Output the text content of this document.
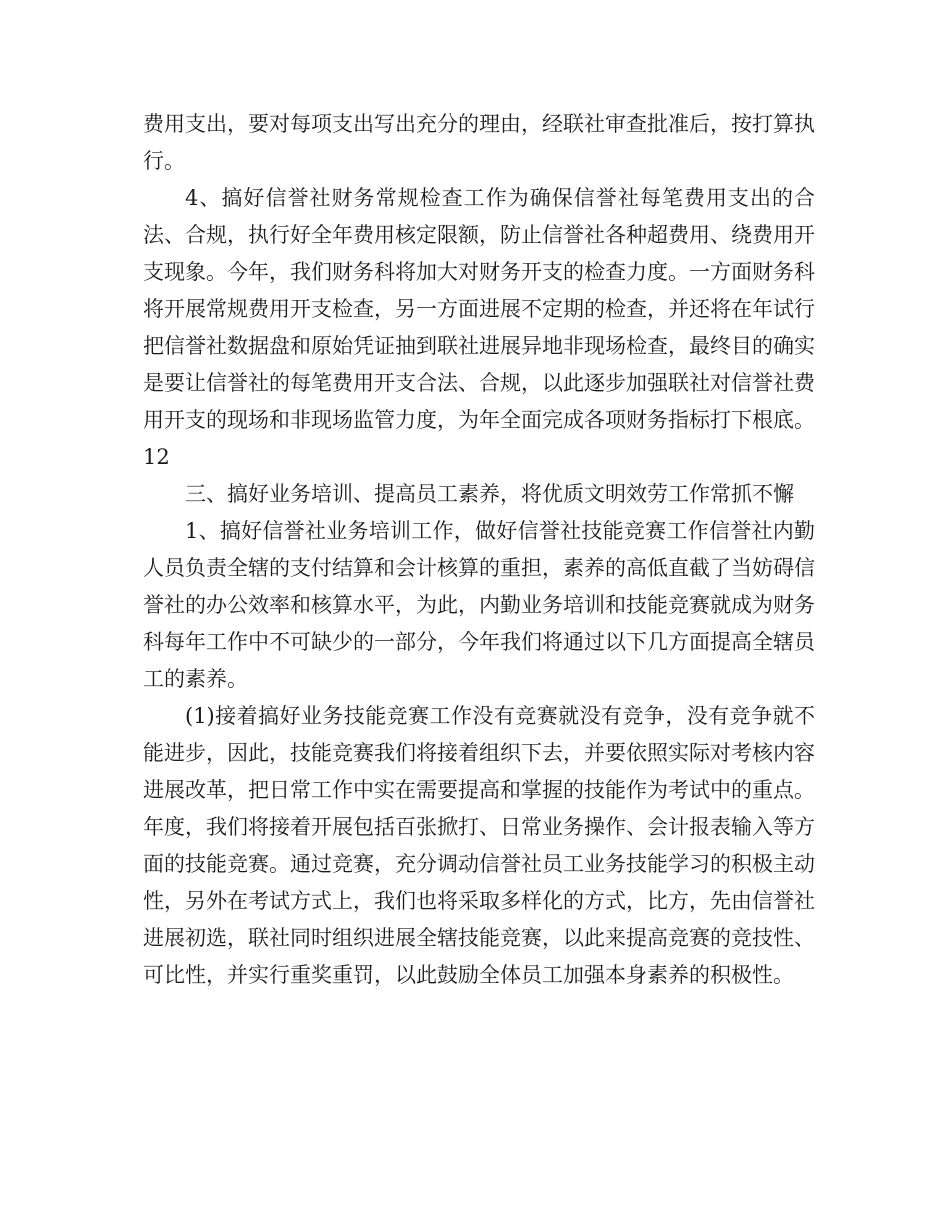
费用支出，要对每项支出写出充分的理由，经联社审查批准后，按打算执行。

4、搞好信誉社财务常规检查工作为确保信誉社每笔费用支出的合法、合规，执行好全年费用核定限额，防止信誉社各种超费用、绕费用开支现象。今年，我们财务科将加大对财务开支的检查力度。一方面财务科将开展常规费用开支检查，另一方面进展不定期的检查，并还将在年试行把信誉社数据盘和原始凭证抽到联社进展异地非现场检查，最终目的确实是要让信誉社的每笔费用开支合法、合规，以此逐步加强联社对信誉社费用开支的现场和非现场监管力度，为年全面完成各项财务指标打下根底。12

三、搞好业务培训、提高员工素养，将优质文明效劳工作常抓不懈

1、搞好信誉社业务培训工作，做好信誉社技能竞赛工作信誉社内勤人员负责全辖的支付结算和会计核算的重担，素养的高低直截了当妨碍信誉社的办公效率和核算水平，为此，内勤业务培训和技能竞赛就成为财务科每年工作中不可缺少的一部分，今年我们将通过以下几方面提高全辖员工的素养。

(1)接着搞好业务技能竞赛工作没有竞赛就没有竞争，没有竞争就不能进步，因此，技能竞赛我们将接着组织下去，并要依照实际对考核内容进展改革，把日常工作中实在需要提高和掌握的技能作为考试中的重点。年度，我们将接着开展包括百张掀打、日常业务操作、会计报表输入等方面的技能竞赛。通过竞赛，充分调动信誉社员工业务技能学习的积极主动性，另外在考试方式上，我们也将采取多样化的方式，比方，先由信誉社进展初选，联社同时组织进展全辖技能竞赛，以此来提高竞赛的竞技性、可比性，并实行重奖重罚，以此鼓励全体员工加强本身素养的积极性。
